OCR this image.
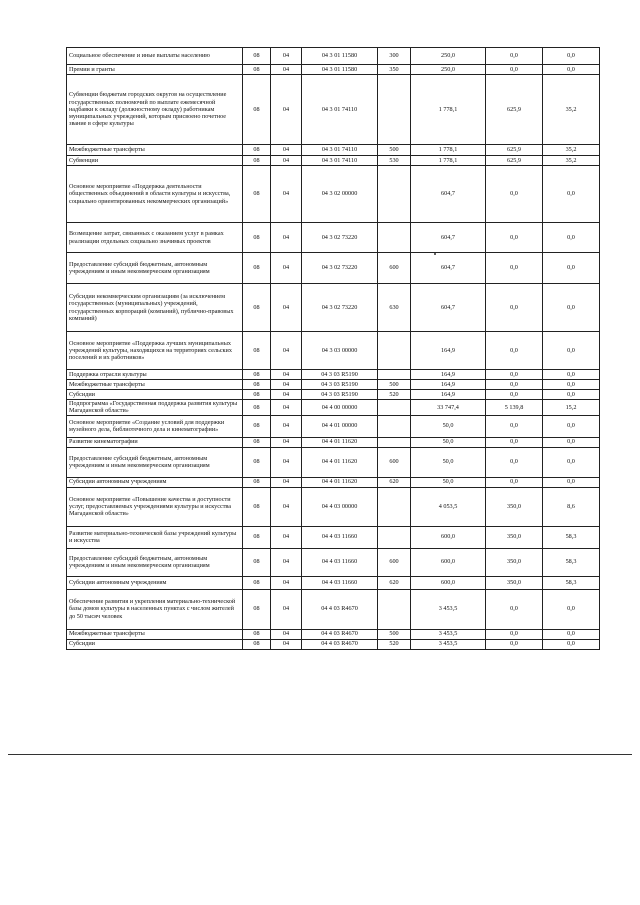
Социальное обеспечение и иные выплаты населению	08	04	04 3 01 11580	300	250,0	0,0	0,0
Премии и гранты	08	04	04 3 01 11580	350	250,0	0,0	0,0
Субвенции бюджетам городских округов на осуществление государственных полномочий по выплате ежемесячной надбавки к окладу (должностному окладу) работникам муниципальных учреждений, которым присвоено почетное звание в сфере культуры	08	04	04 3 01 74110		1 778,1	625,9	35,2
Межбюджетные трансферты	08	04	04 3 01 74110	500	1 778,1	625,9	35,2
Субвенции	08	04	04 3 01 74110	530	1 778,1	625,9	35,2
Основное мероприятие «Поддержка деятельности общественных объединений в области культуры и искусства, социально ориентированных некоммерческих организаций»	08	04	04 3 02 00000		604,7	0,0	0,0
Возмещение затрат, связанных с оказанием услуг в рамках реализации отдельных социально значимых проектов	08	04	04 3 02 73220		604,7	0,0	0,0
Предоставление субсидий бюджетным, автономным учреждениям и иным некоммерческим организациям	08	04	04 3 02 73220	600	604,7	0,0	0,0
Субсидии некоммерческим организациям (за исключением государственных (муниципальных) учреждений, государственных корпораций (компаний), публично-правовых компаний)	08	04	04 3 02 73220	630	604,7	0,0	0,0
Основное мероприятие «Поддержка лучших муниципальных учреждений культуры, находящихся на территориях сельских поселений и их работников»	08	04	04 3 03 00000		164,9	0,0	0,0
Поддержка отрасли культуры	08	04	04 3 03 R5190		164,9	0,0	0,0
Межбюджетные трансферты	08	04	04 3 03 R5190	500	164,9	0,0	0,0
Субсидии	08	04	04 3 03 R5190	520	164,9	0,0	0,0
Подпрограмма «Государственная поддержка развития культуры Магаданской области»	08	04	04 4 00 00000		33 747,4	5 139,8	15,2
Основное мероприятие «Создание условий для поддержки музейного дела, библиотечного дела и кинематографии»	08	04	04 4 01 00000		50,0	0,0	0,0
Развитие кинематографии	08	04	04 4 01 11620		50,0	0,0	0,0
Предоставление субсидий бюджетным, автономным учреждениям и иным некоммерческим организациям	08	04	04 4 01 11620	600	50,0	0,0	0,0
Субсидии автономным учреждениям	08	04	04 4 01 11620	620	50,0	0,0	0,0
Основное мероприятие «Повышение качества и доступности услуг, предоставляемых учреждениями культуры и искусства Магаданской области»	08	04	04 4 03 00000		4 053,5	350,0	8,6
Развитие материально-технической базы учреждений культуры и искусства	08	04	04 4 03 11660		600,0	350,0	58,3
Предоставление субсидий бюджетным, автономным учреждениям и иным некоммерческим организациям	08	04	04 4 03 11660	600	600,0	350,0	58,3
Субсидии автономным учреждениям	08	04	04 4 03 11660	620	600,0	350,0	58,3
Обеспечение развития и укрепления материально-технической базы домов культуры в населенных пунктах с числом жителей до 50 тысяч человек	08	04	04 4 03 R4670		3 453,5	0,0	0,0
Межбюджетные трансферты	08	04	04 4 03 R4670	500	3 453,5	0,0	0,0
Субсидии	08	04	04 4 03 R4670	520	3 453,5	0,0	0,0
